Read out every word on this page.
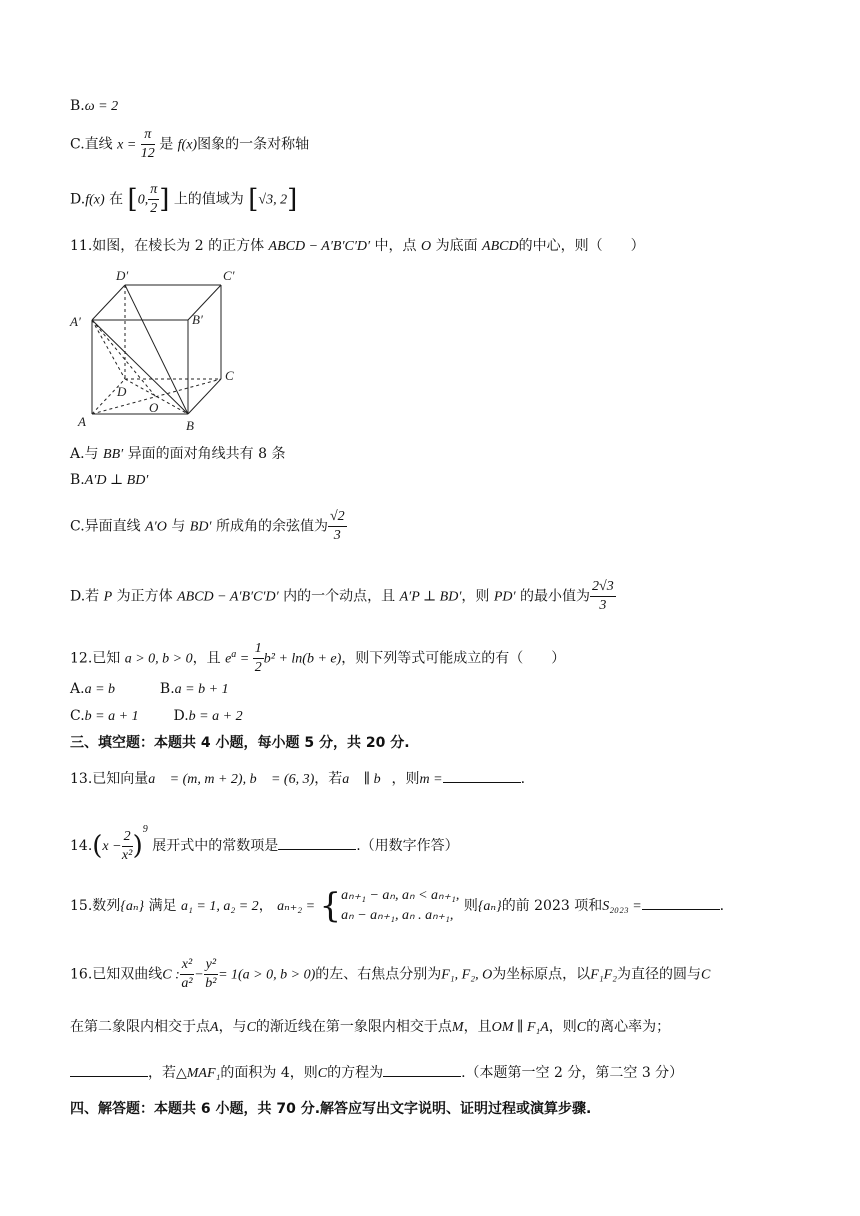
B.ω = 2
C.直线 $x = \frac{\pi}{12}$ 是 f(x)图象的一条对称轴
D.f(x) 在 [0, $\frac{\pi}{2}$ ] 上的值域为 [√3, 2]
11.如图，在棱长为 2 的正方体 ABCD − A′B′C′D′ 中，点 O 为底面 ABCD的中心，则（　　）
D′	C′
A′	B′
D
C
A	B
O
A.与 BB′ 异面的面对角线共有 8 条
B.A′D ⊥ BD′
C.异面直线 A′O 与 BD′ 所成角的余弦值为 $\frac{√2}{3}$
D.若 P 为正方体 ABCD − A′B′C′D′ 内的一个动点，且 A′P ⊥ BD′，则 PD′ 的最小值为 $\frac{2√3}{3}$
12.已知 a > 0, b > 0，且 $e^a = \frac{1}{2} b^2 + \ln(b + e)$，则下列等式可能成立的有（　　）
A.a = b	B.a = b + 1
C.b = a + 1 D.b = a + 2
三、填空题：本题共 4 小题，每小题 5 分，共 20 分.
13.已知向量a⃗ = (m, m + 2), b⃗ = (6, 3)，若a⃗ ∥ b⃗，则m =	.
$14.(x - \frac{2}{\text{x²}} )^9$ 展开式中的常数项是	.（用数字作答）
15.数列{aₙ} 满足 a₁ = 1, a₂ = 2， aₙ₊₂ = { aₙ₊₁ − aₙ, aₙ < aₙ₊₁,
aₙ − aₙ₊₁, aₙ . aₙ₊₁,
则{aₙ}的前 2023 项和S₂₀₂₃ =	.
16.已知双曲线C : $\frac{\text{x²}}{\text{a²}} - \frac{\text{y²}}{\text{b²}} = 1(a > 0$, b > 0)的左、右焦点分别为F₁, F₂, O为坐标原点，以F₁F₂为直径的圆与C
在第二象限内相交于点A，与C的渐近线在第一象限内相交于点M，且OM ∥ F₁A，则C的离心率为；
，若△MAF₁的面积为 4，则C的方程为	.（本题第一空 2 分，第二空 3 分）
四、解答题：本题共 6 小题，共 70 分.解答应写出文字说明、证明过程或演算步骤.
